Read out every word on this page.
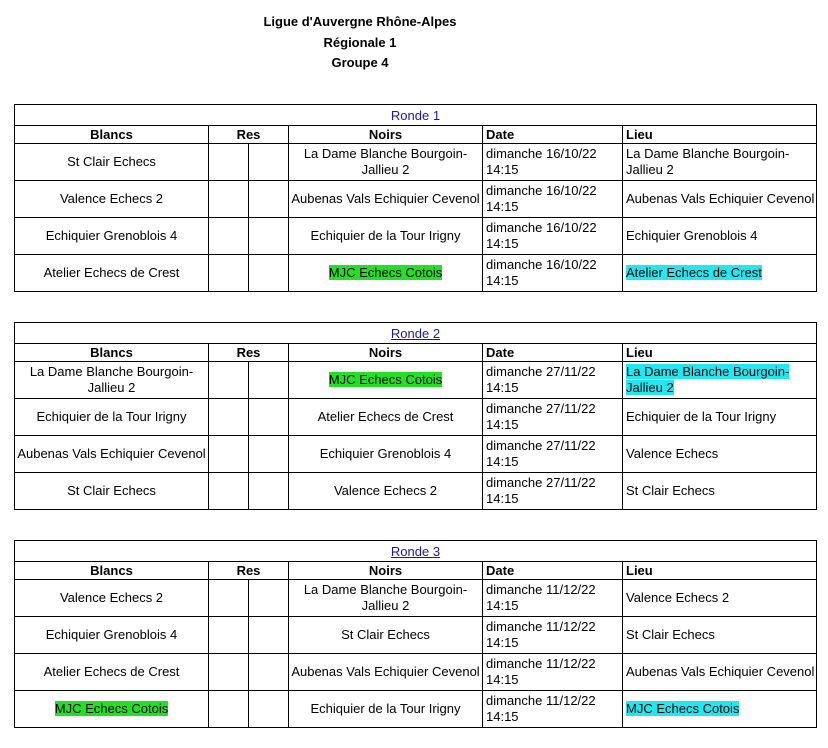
Ligue d'Auvergne Rhône-Alpes
Régionale 1
Groupe 4
Ronde 1					
Blancs	Res		Noirs	Date	Lieu
St Clair Echecs			La Dame Blanche Bourgoin-Jallieu 2	dimanche 16/10/22 14:15	La Dame Blanche Bourgoin-Jallieu 2
Valence Echecs 2			Aubenas Vals Echiquier Cevenol	dimanche 16/10/22 14:15	Aubenas Vals Echiquier Cevenol
Echiquier Grenoblois 4			Echiquier de la Tour Irigny	dimanche 16/10/22 14:15	Echiquier Grenoblois 4
Atelier Echecs de Crest			MJC Echecs Cotois	dimanche 16/10/22 14:15	Atelier Echecs de Crest
Ronde 2					
Blancs	Res		Noirs	Date	Lieu
La Dame Blanche Bourgoin-Jallieu 2			MJC Echecs Cotois	dimanche 27/11/22 14:15	La Dame Blanche Bourgoin-Jallieu 2
Echiquier de la Tour Irigny			Atelier Echecs de Crest	dimanche 27/11/22 14:15	Echiquier de la Tour Irigny
Aubenas Vals Echiquier Cevenol			Echiquier Grenoblois 4	dimanche 27/11/22 14:15	Valence Echecs
St Clair Echecs			Valence Echecs 2	dimanche 27/11/22 14:15	St Clair Echecs
Ronde 3					
Blancs	Res		Noirs	Date	Lieu
Valence Echecs 2			La Dame Blanche Bourgoin-Jallieu 2	dimanche 11/12/22 14:15	Valence Echecs 2
Echiquier Grenoblois 4			St Clair Echecs	dimanche 11/12/22 14:15	St Clair Echecs
Atelier Echecs de Crest			Aubenas Vals Echiquier Cevenol	dimanche 11/12/22 14:15	Aubenas Vals Echiquier Cevenol
MJC Echecs Cotois			Echiquier de la Tour Irigny	dimanche 11/12/22 14:15	MJC Echecs Cotois
